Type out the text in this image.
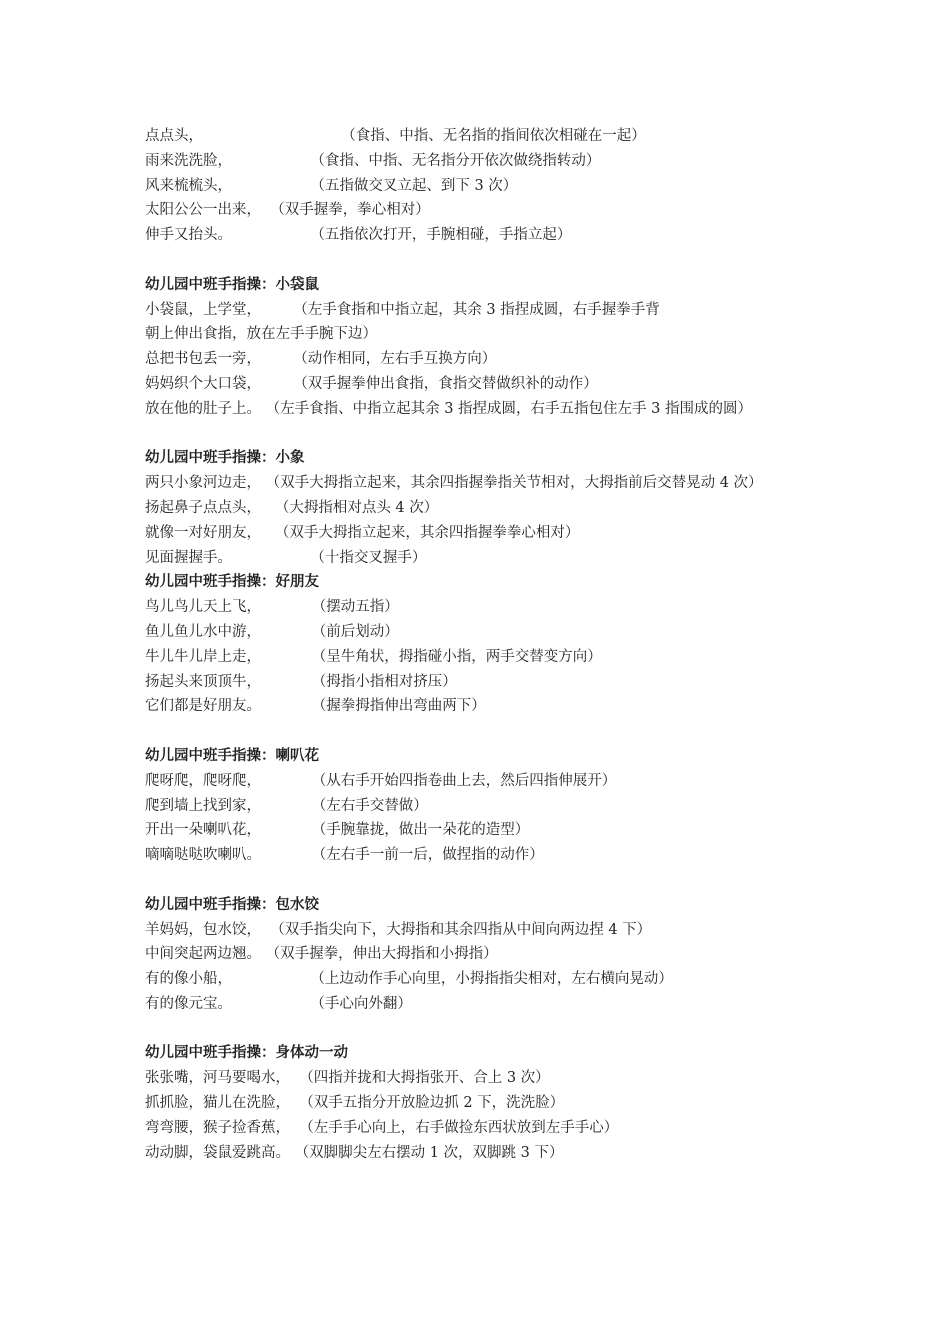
点点头，                              （食指、中指、无名指的指间依次相碰在一起）
雨来洗洗脸，                 （食指、中指、无名指分开依次做绕指转动）
风来梳梳头，                 （五指做交叉立起、到下 3 次）
太阳公公一出来，  （双手握拳，拳心相对）
伸手又抬头。                 （五指依次打开，手腕相碰，手指立起）
幼儿园中班手指操：小袋鼠
小袋鼠，上学堂，       （左手食指和中指立起，其余 3 指捏成圆，右手握拳手背
朝上伸出食指，放在左手手腕下边）
总把书包丢一旁，       （动作相同，左右手互换方向）
妈妈织个大口袋，       （双手握拳伸出食指，食指交替做织补的动作）
放在他的肚子上。 （左手食指、中指立起其余 3 指捏成圆，右手五指包住左手 3 指围成的圆）
幼儿园中班手指操：小象
两只小象河边走， （双手大拇指立起来，其余四指握拳指关节相对，大拇指前后交替晃动 4 次）
扬起鼻子点点头，   （大拇指相对点头 4 次）
就像一对好朋友，   （双手大拇指立起来，其余四指握拳拳心相对）
见面握握手。                 （十指交叉握手）
幼儿园中班手指操：好朋友
鸟儿鸟儿天上飞，           （摆动五指）
鱼儿鱼儿水中游，           （前后划动）
牛儿牛儿岸上走，           （呈牛角状，拇指碰小指，两手交替变方向）
扬起头来顶顶牛，           （拇指小指相对挤压）
它们都是好朋友。           （握拳拇指伸出弯曲两下）
幼儿园中班手指操：喇叭花
爬呀爬，爬呀爬，           （从右手开始四指卷曲上去，然后四指伸展开）
爬到墙上找到家，           （左右手交替做）
开出一朵喇叭花，           （手腕靠拢，做出一朵花的造型）
嘀嘀哒哒吹喇叭。           （左右手一前一后，做捏指的动作）
幼儿园中班手指操：包水饺
羊妈妈，包水饺，  （双手指尖向下，大拇指和其余四指从中间向两边捏 4 下）
中间突起两边翘。 （双手握拳，伸出大拇指和小拇指）
有的像小船，                 （上边动作手心向里，小拇指指尖相对，左右横向晃动）
有的像元宝。                 （手心向外翻）
幼儿园中班手指操：身体动一动
张张嘴，河马要喝水，  （四指并拢和大拇指张开、合上 3 次）
抓抓脸，猫儿在洗脸，  （双手五指分开放脸边抓 2 下，洗洗脸）
弯弯腰，猴子捡香蕉，  （左手手心向上，右手做捡东西状放到左手手心）
动动脚，袋鼠爱跳高。 （双脚脚尖左右摆动 1 次，双脚跳 3 下）
